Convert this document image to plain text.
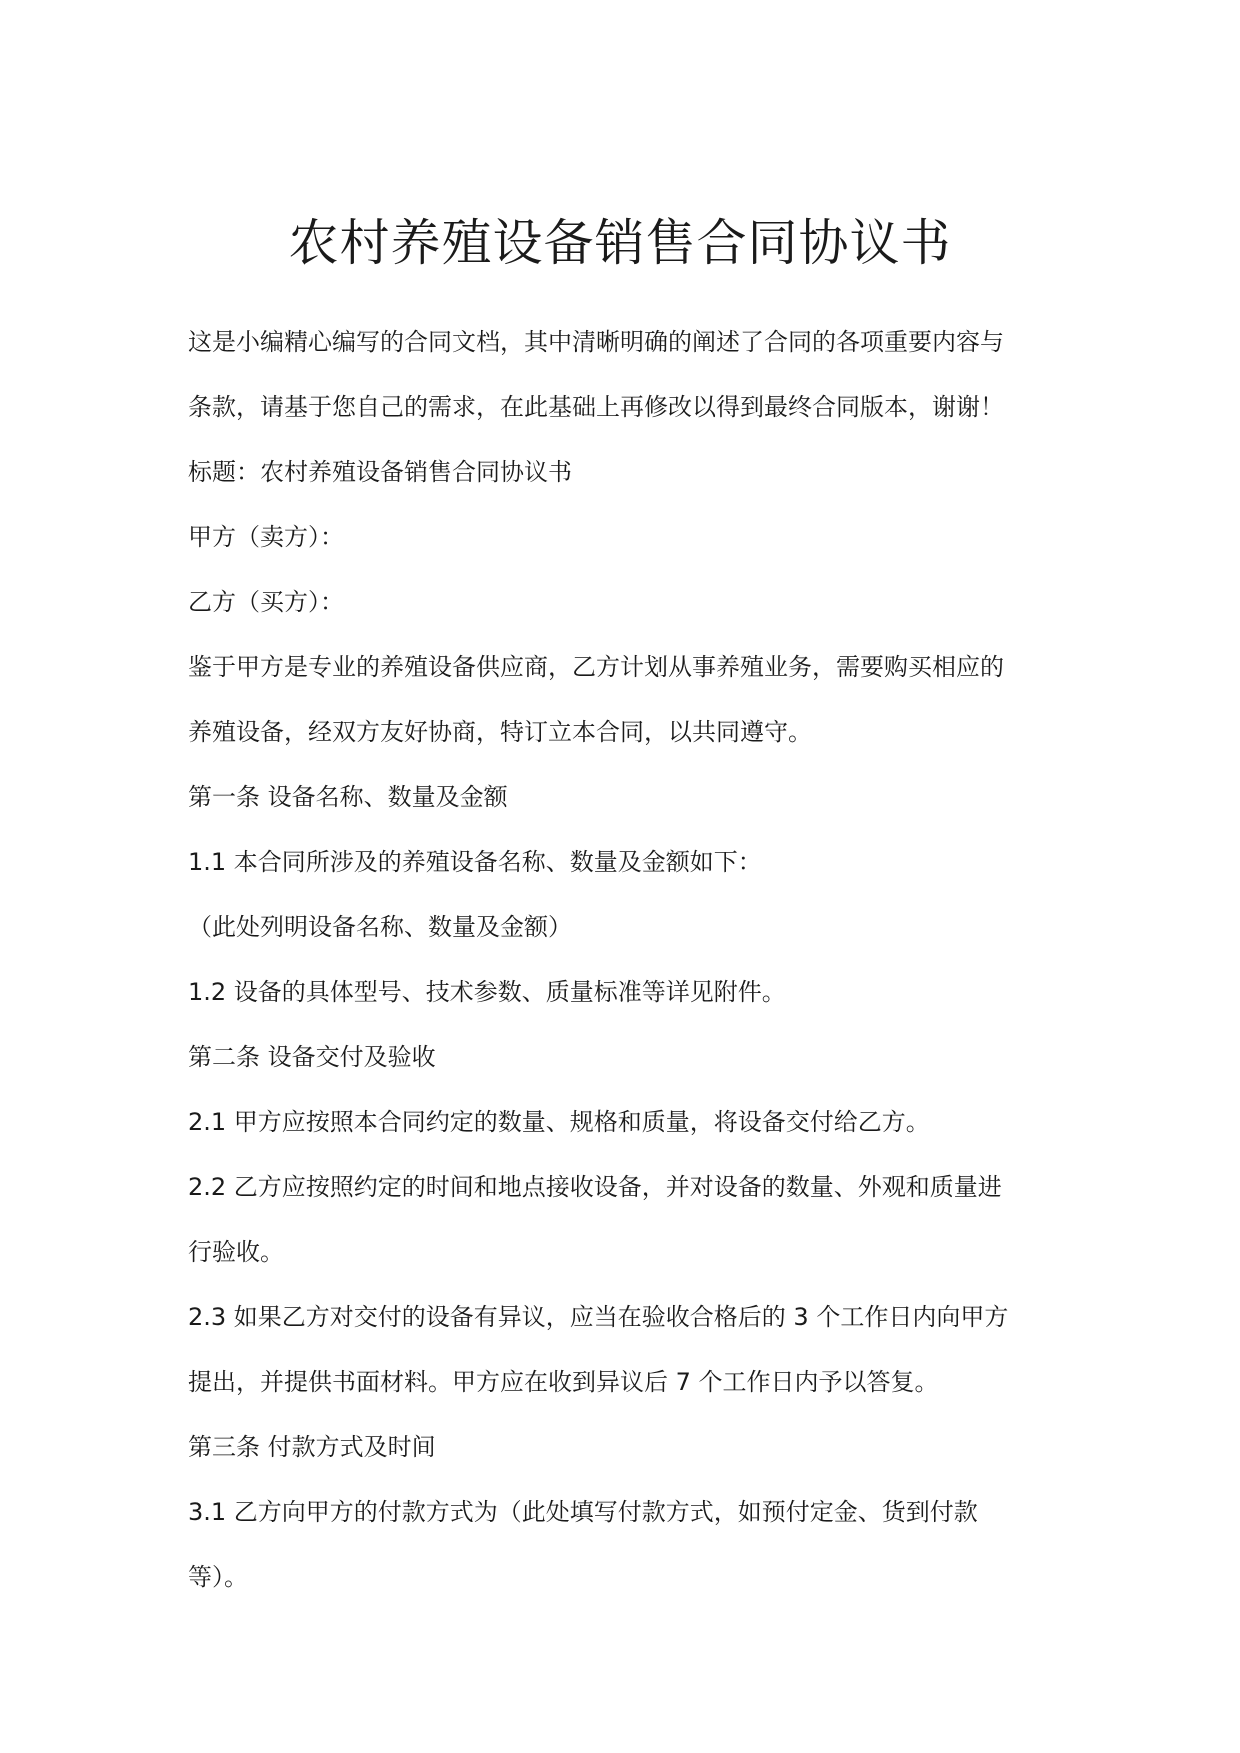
农村养殖设备销售合同协议书

这是小编精心编写的合同文档，其中清晰明确的阐述了合同的各项重要内容与

条款，请基于您自己的需求，在此基础上再修改以得到最终合同版本，谢谢！

标题：农村养殖设备销售合同协议书

甲方（卖方）：

乙方（买方）：

鉴于甲方是专业的养殖设备供应商，乙方计划从事养殖业务，需要购买相应的

养殖设备，经双方友好协商，特订立本合同，以共同遵守。

第一条 设备名称、数量及金额

1.1 本合同所涉及的养殖设备名称、数量及金额如下：

（此处列明设备名称、数量及金额）

1.2 设备的具体型号、技术参数、质量标准等详见附件。

第二条 设备交付及验收

2.1 甲方应按照本合同约定的数量、规格和质量，将设备交付给乙方。

2.2 乙方应按照约定的时间和地点接收设备，并对设备的数量、外观和质量进

行验收。

2.3 如果乙方对交付的设备有异议，应当在验收合格后的 3 个工作日内向甲方

提出，并提供书面材料。甲方应在收到异议后 7 个工作日内予以答复。

第三条 付款方式及时间

3.1 乙方向甲方的付款方式为（此处填写付款方式，如预付定金、货到付款

等）。
